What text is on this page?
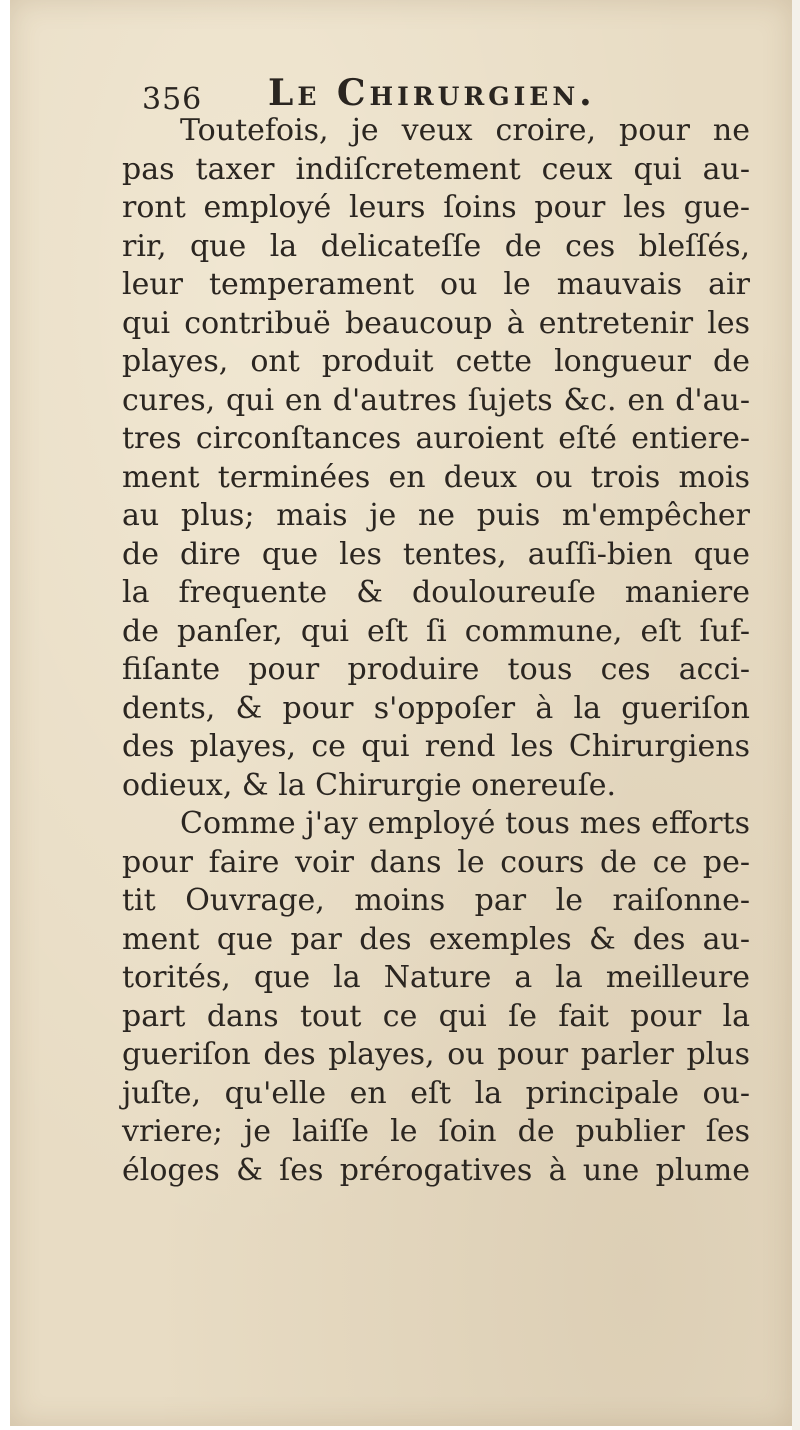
356 Le Chirurgien.
Toutefois, je veux croire, pour ne
pas taxer indiſcretement ceux qui au-
ront employé leurs ſoins pour les gue-
rir, que la delicateſſe de ces bleſſés,
leur temperament ou le mauvais air
qui contribuë beaucoup à entretenir les
playes, ont produit cette longueur de
cures, qui en d'autres ſujets &c. en d'au-
tres circonſtances auroient eſté entiere-
ment terminées en deux ou trois mois
au plus; mais je ne puis m'empêcher
de dire que les tentes, auſſi-bien que
la frequente & douloureuſe maniere
de panſer, qui eſt ſi commune, eſt ſuf-
fiſante pour produire tous ces acci-
dents, & pour s'oppoſer à la gueriſon
des playes, ce qui rend les Chirurgiens
odieux, & la Chirurgie onereuſe.
Comme j'ay employé tous mes efforts
pour faire voir dans le cours de ce pe-
tit Ouvrage, moins par le raiſonne-
ment que par des exemples & des au-
torités, que la Nature a la meilleure
part dans tout ce qui ſe fait pour la
gueriſon des playes, ou pour parler plus
juſte, qu'elle en eſt la principale ou-
vriere; je laiſſe le ſoin de publier ſes
éloges & ſes prérogatives à une plume
